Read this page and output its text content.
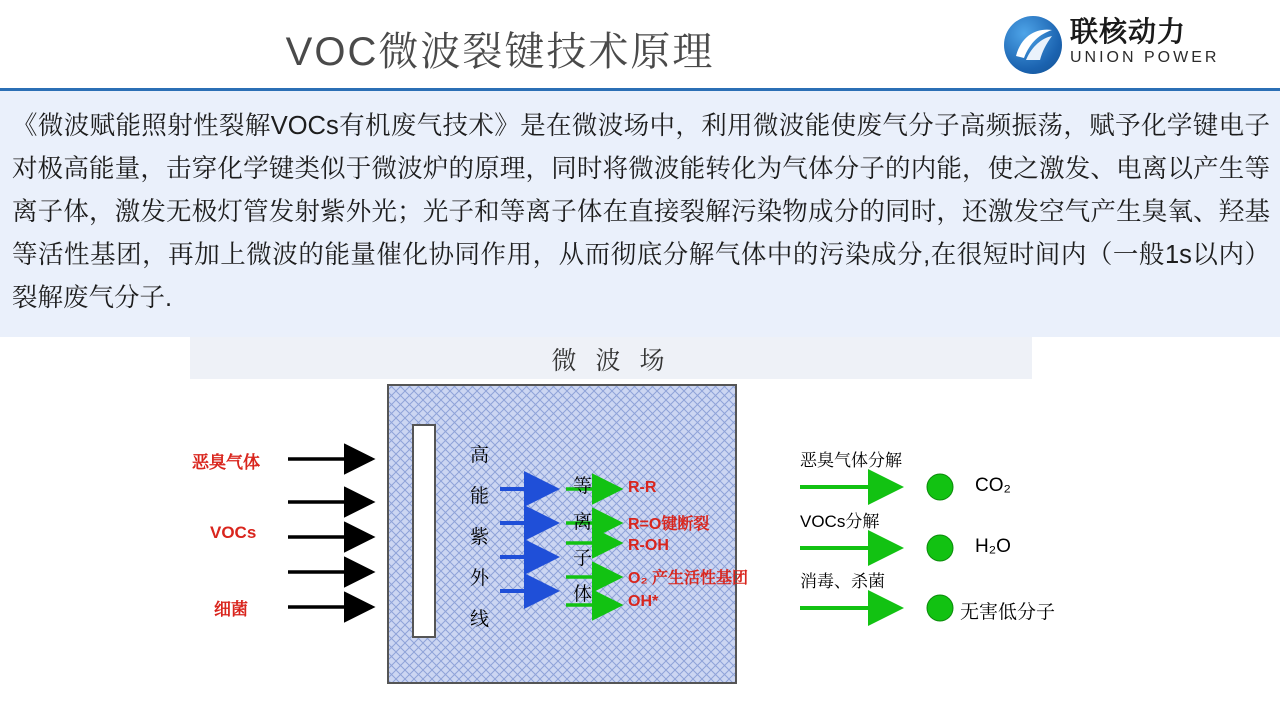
VOC微波裂键技术原理	联核动力
UNION POWER
《微波赋能照射性裂解VOCs有机废气技术》是在微波场中，利用微波能使废气分子高频振荡，赋予化学键电子对极高能量，击穿化学键类似于微波炉的原理，同时将微波能转化为气体分子的内能，使之激发、电离以产生等离子体，激发无极灯管发射紫外光；光子和等离子体在直接裂解污染物成分的同时，还激发空气产生臭氧、羟基等活性基团，再加上微波的能量催化协同作用，从而彻底分解气体中的污染成分,在很短时间内（一般1s以内）裂解废气分子.
微 波 场
恶臭气体
VOCs
细菌
高
能
紫
外
线
等
离
子
体
R-R
R=O键断裂
R-OH
O₂ 产生活性基团
OH*
恶臭气体分解
VOCs分解
消毒、杀菌
CO₂
H₂O
无害低分子
